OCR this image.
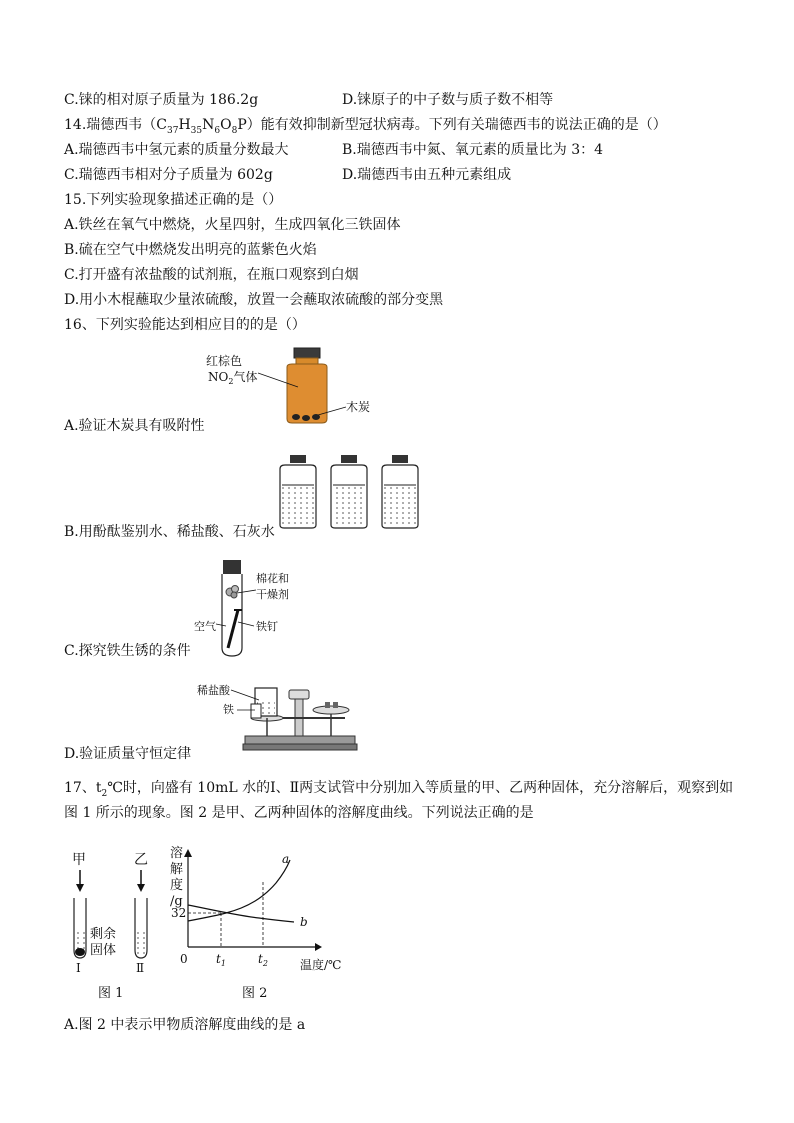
C.铼的相对原子质量为 186.2g	D.铼原子的中子数与质子数不相等
14.瑞德西韦$(C_{37}H_{35}N_6O_8P)$能有效抑制新型冠状病毒。下列有关瑞德西韦的说法正确的是（）
A.瑞德西韦中氢元素的质量分数最大	B.瑞德西韦中氮、氧元素的质量比为 3：4
C.瑞德西韦相对分子质量为 602g	D.瑞德西韦由五种元素组成
15.下列实验现象描述正确的是（）
A.铁丝在氧气中燃烧，火星四射，生成四氧化三铁固体
B.硫在空气中燃烧发出明亮的蓝紫色火焰
C.打开盛有浓盐酸的试剂瓶，在瓶口观察到白烟
D.用小木棍蘸取少量浓硫酸，放置一会蘸取浓硫酸的部分变黑
16、下列实验能达到相应目的的是（）
红棕色
$NO_2$气体
木炭
A.验证木炭具有吸附性
B.用酚酞鉴别水、稀盐酸、石灰水
棉花和
干燥剂
空气	铁钉
C.探究铁生锈的条件
稀盐酸
铁
D.验证质量守恒定律
17、$t_2℃$时，向盛有 10mL 水的Ⅰ、Ⅱ两支试管中分别加入等质量的甲、乙两种固体，充分溶解后，观察到如
图 1 所示的现象。图 2 是甲、乙两种固体的溶解度曲线。下列说法正确的是
甲	乙
剩余
固体
Ⅰ	Ⅱ
图 1
溶
解
度
/g
a
b
32
0 $t_1$	$t_2$	温度/℃
图 2
A.图 2 中表示甲物质溶解度曲线的是 a
